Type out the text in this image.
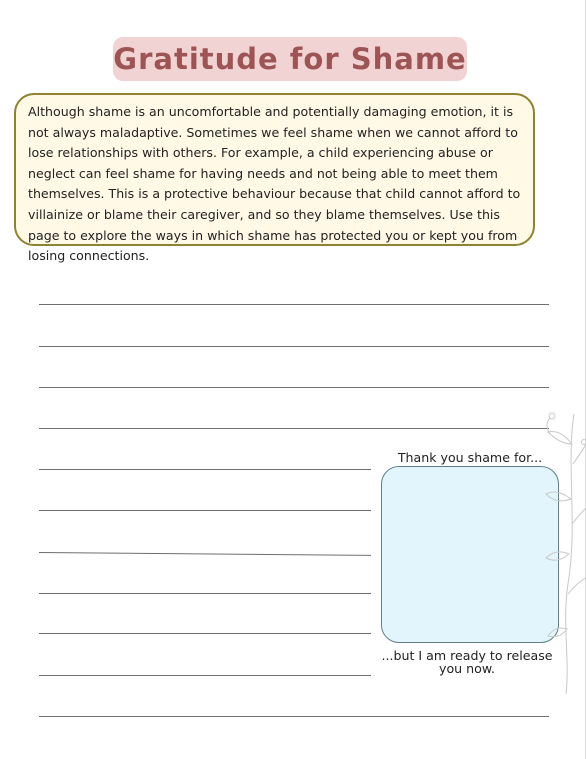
Gratitude for Shame

Although shame is an uncomfortable and potentially damaging emotion, it is not always maladaptive. Sometimes we feel shame when we cannot afford to lose relationships with others. For example, a child experiencing abuse or neglect can feel shame for having needs and not being able to meet them themselves. This is a protective behaviour because that child cannot afford to villainize or blame their caregiver, and so they blame themselves. Use this page to explore the ways in which shame has protected you or kept you from losing connections.

Thank you shame for...
...but I am ready to release you now.
